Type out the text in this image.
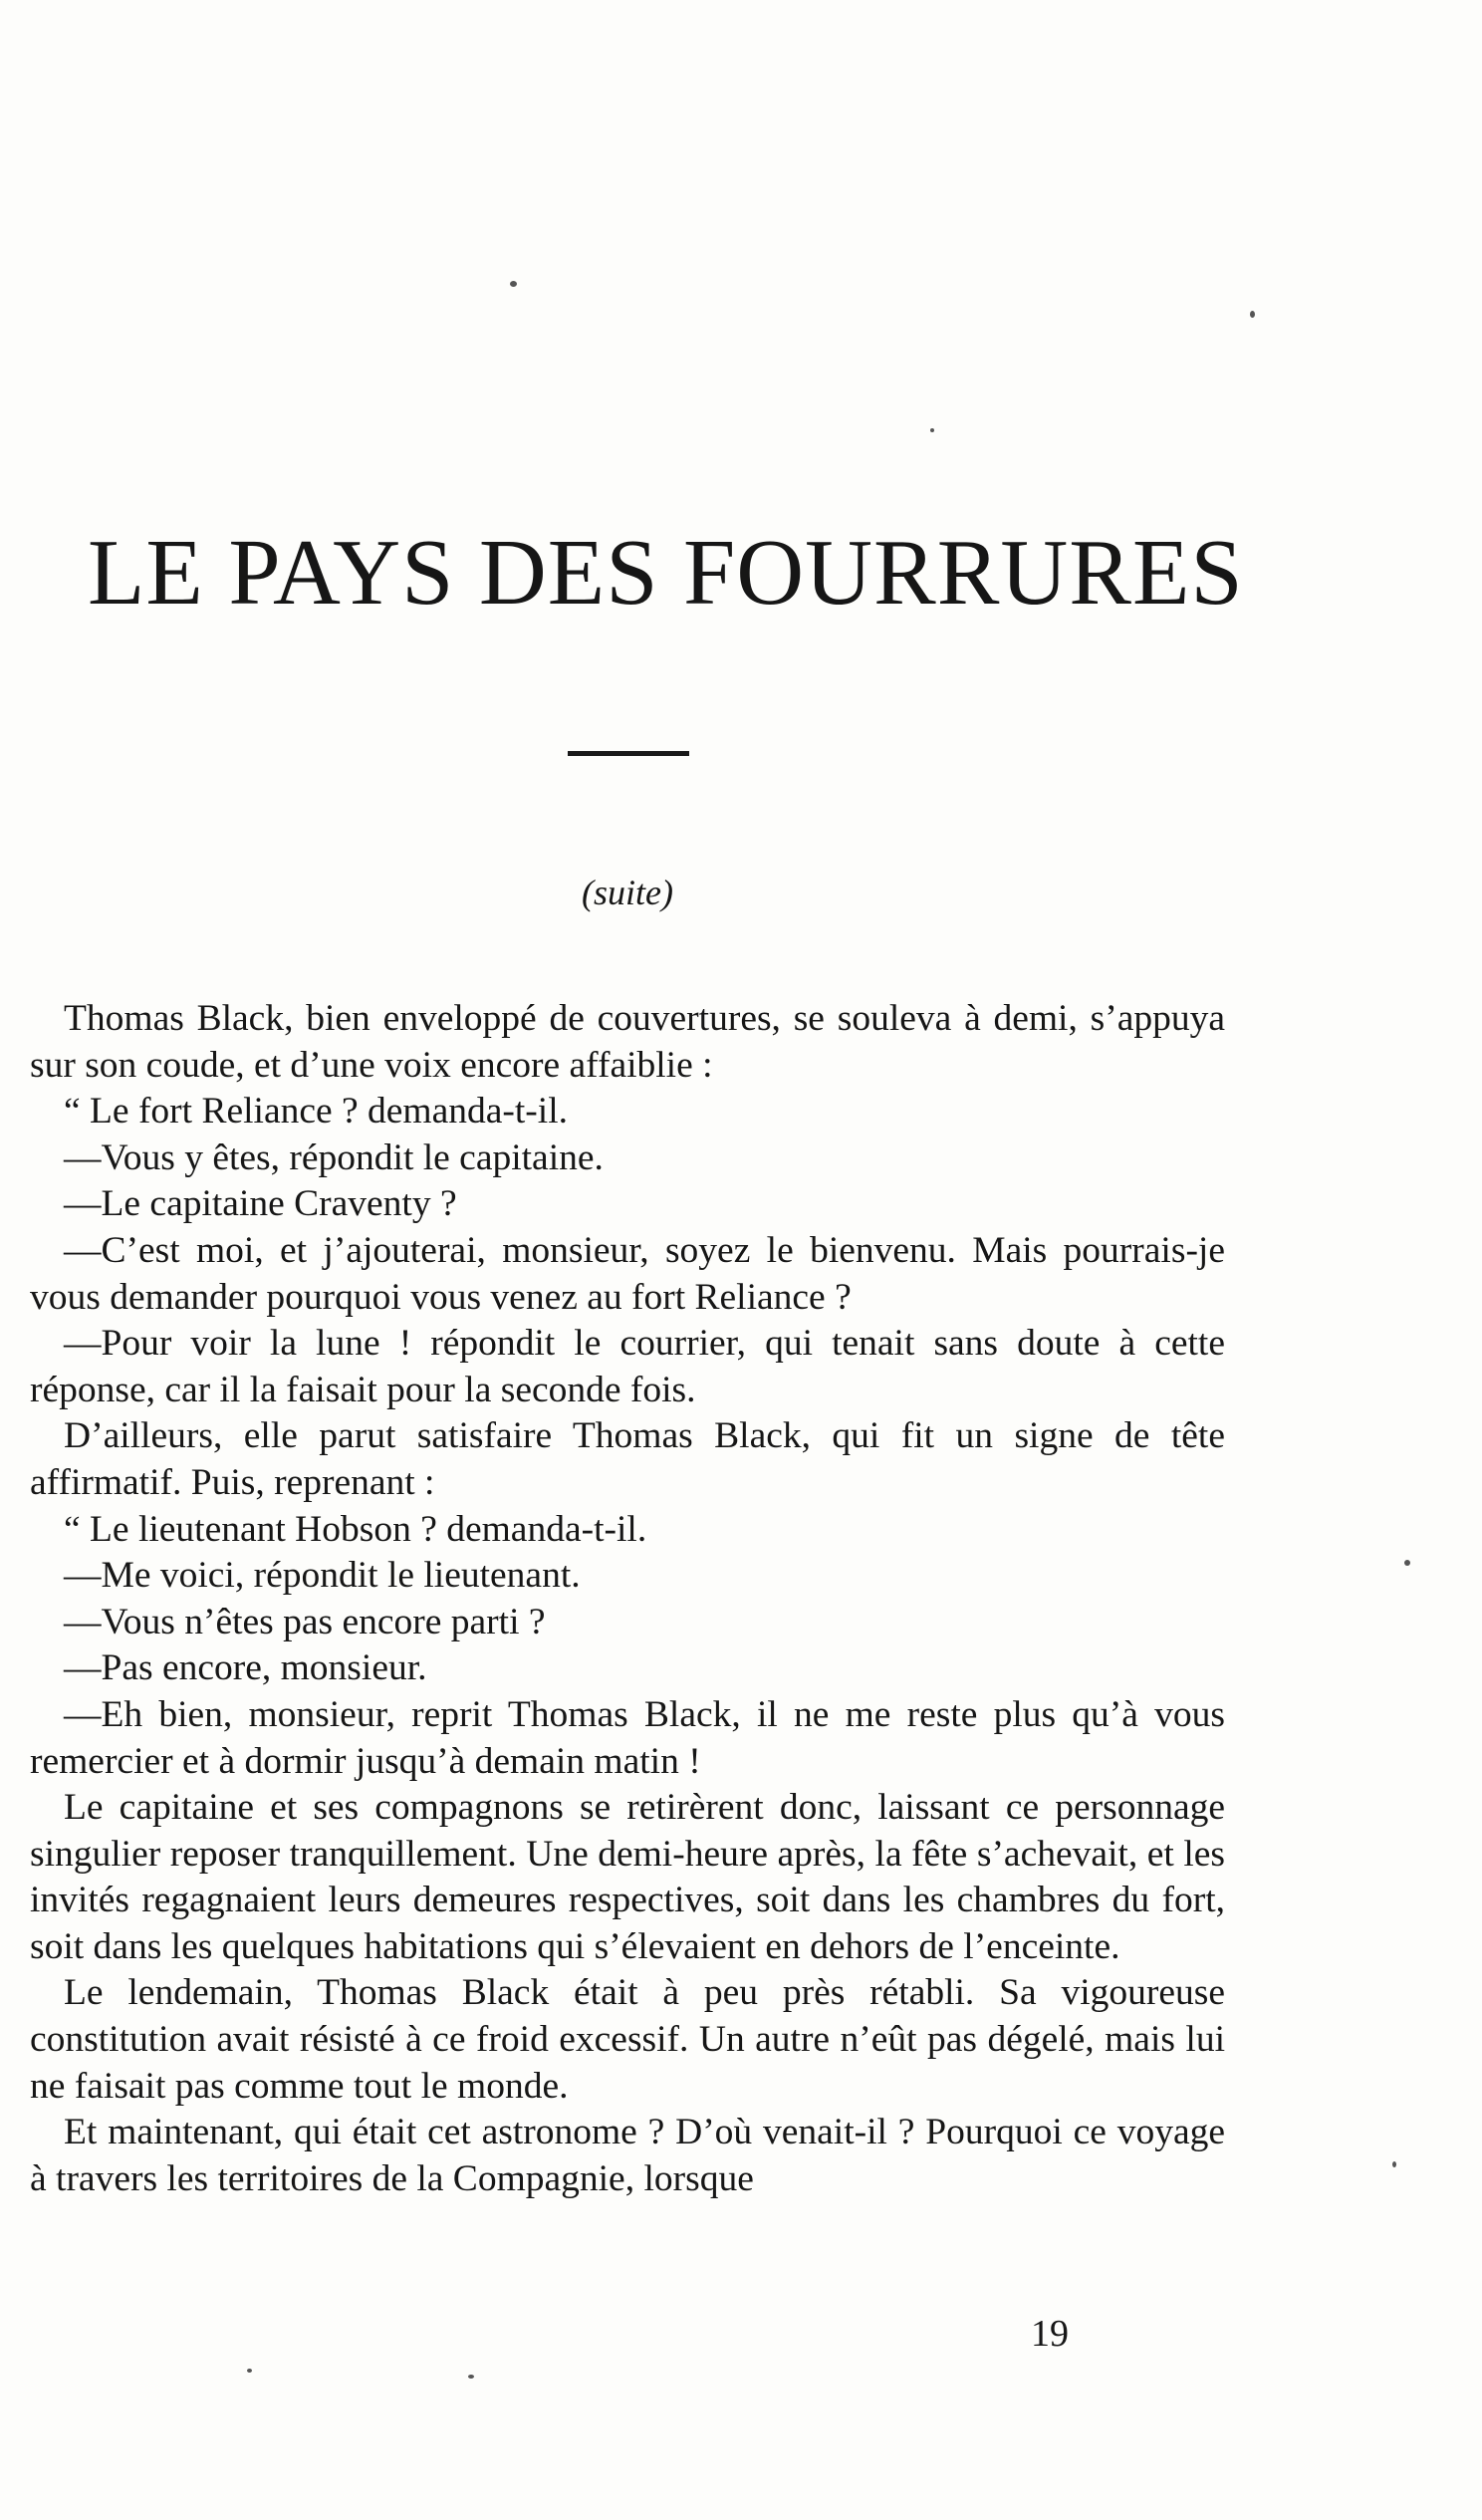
LE PAYS DES FOURRURES
(suite)

Thomas Black, bien enveloppé de couvertures, se souleva à demi, s’appuya sur son coude, et d’une voix encore affaiblie :

“ Le fort Reliance ? demanda-t-il.

—Vous y êtes, répondit le capitaine.

—Le capitaine Craventy ?

—C’est moi, et j’ajouterai, monsieur, soyez le bienvenu. Mais pourrais-je vous demander pourquoi vous venez au fort Reliance ?

—Pour voir la lune ! répondit le courrier, qui tenait sans doute à cette réponse, car il la faisait pour la seconde fois.

D’ailleurs, elle parut satisfaire Thomas Black, qui fit un signe de tête affirmatif. Puis, reprenant :

“ Le lieutenant Hobson ? demanda-t-il.

—Me voici, répondit le lieutenant.

—Vous n’êtes pas encore parti ?

—Pas encore, monsieur.

—Eh bien, monsieur, reprit Thomas Black, il ne me reste plus qu’à vous remercier et à dormir jusqu’à demain matin !

Le capitaine et ses compagnons se retirèrent donc, laissant ce personnage singulier reposer tranquillement. Une demi-heure après, la fête s’achevait, et les invités regagnaient leurs demeures respectives, soit dans les chambres du fort, soit dans les quelques habitations qui s’élevaient en dehors de l’enceinte.

Le lendemain, Thomas Black était à peu près rétabli. Sa vigoureuse constitution avait résisté à ce froid excessif. Un autre n’eût pas dégelé, mais lui ne faisait pas comme tout le monde.

Et maintenant, qui était cet astronome ? D’où venait-il ? Pourquoi ce voyage à travers les territoires de la Compagnie, lorsque

19
